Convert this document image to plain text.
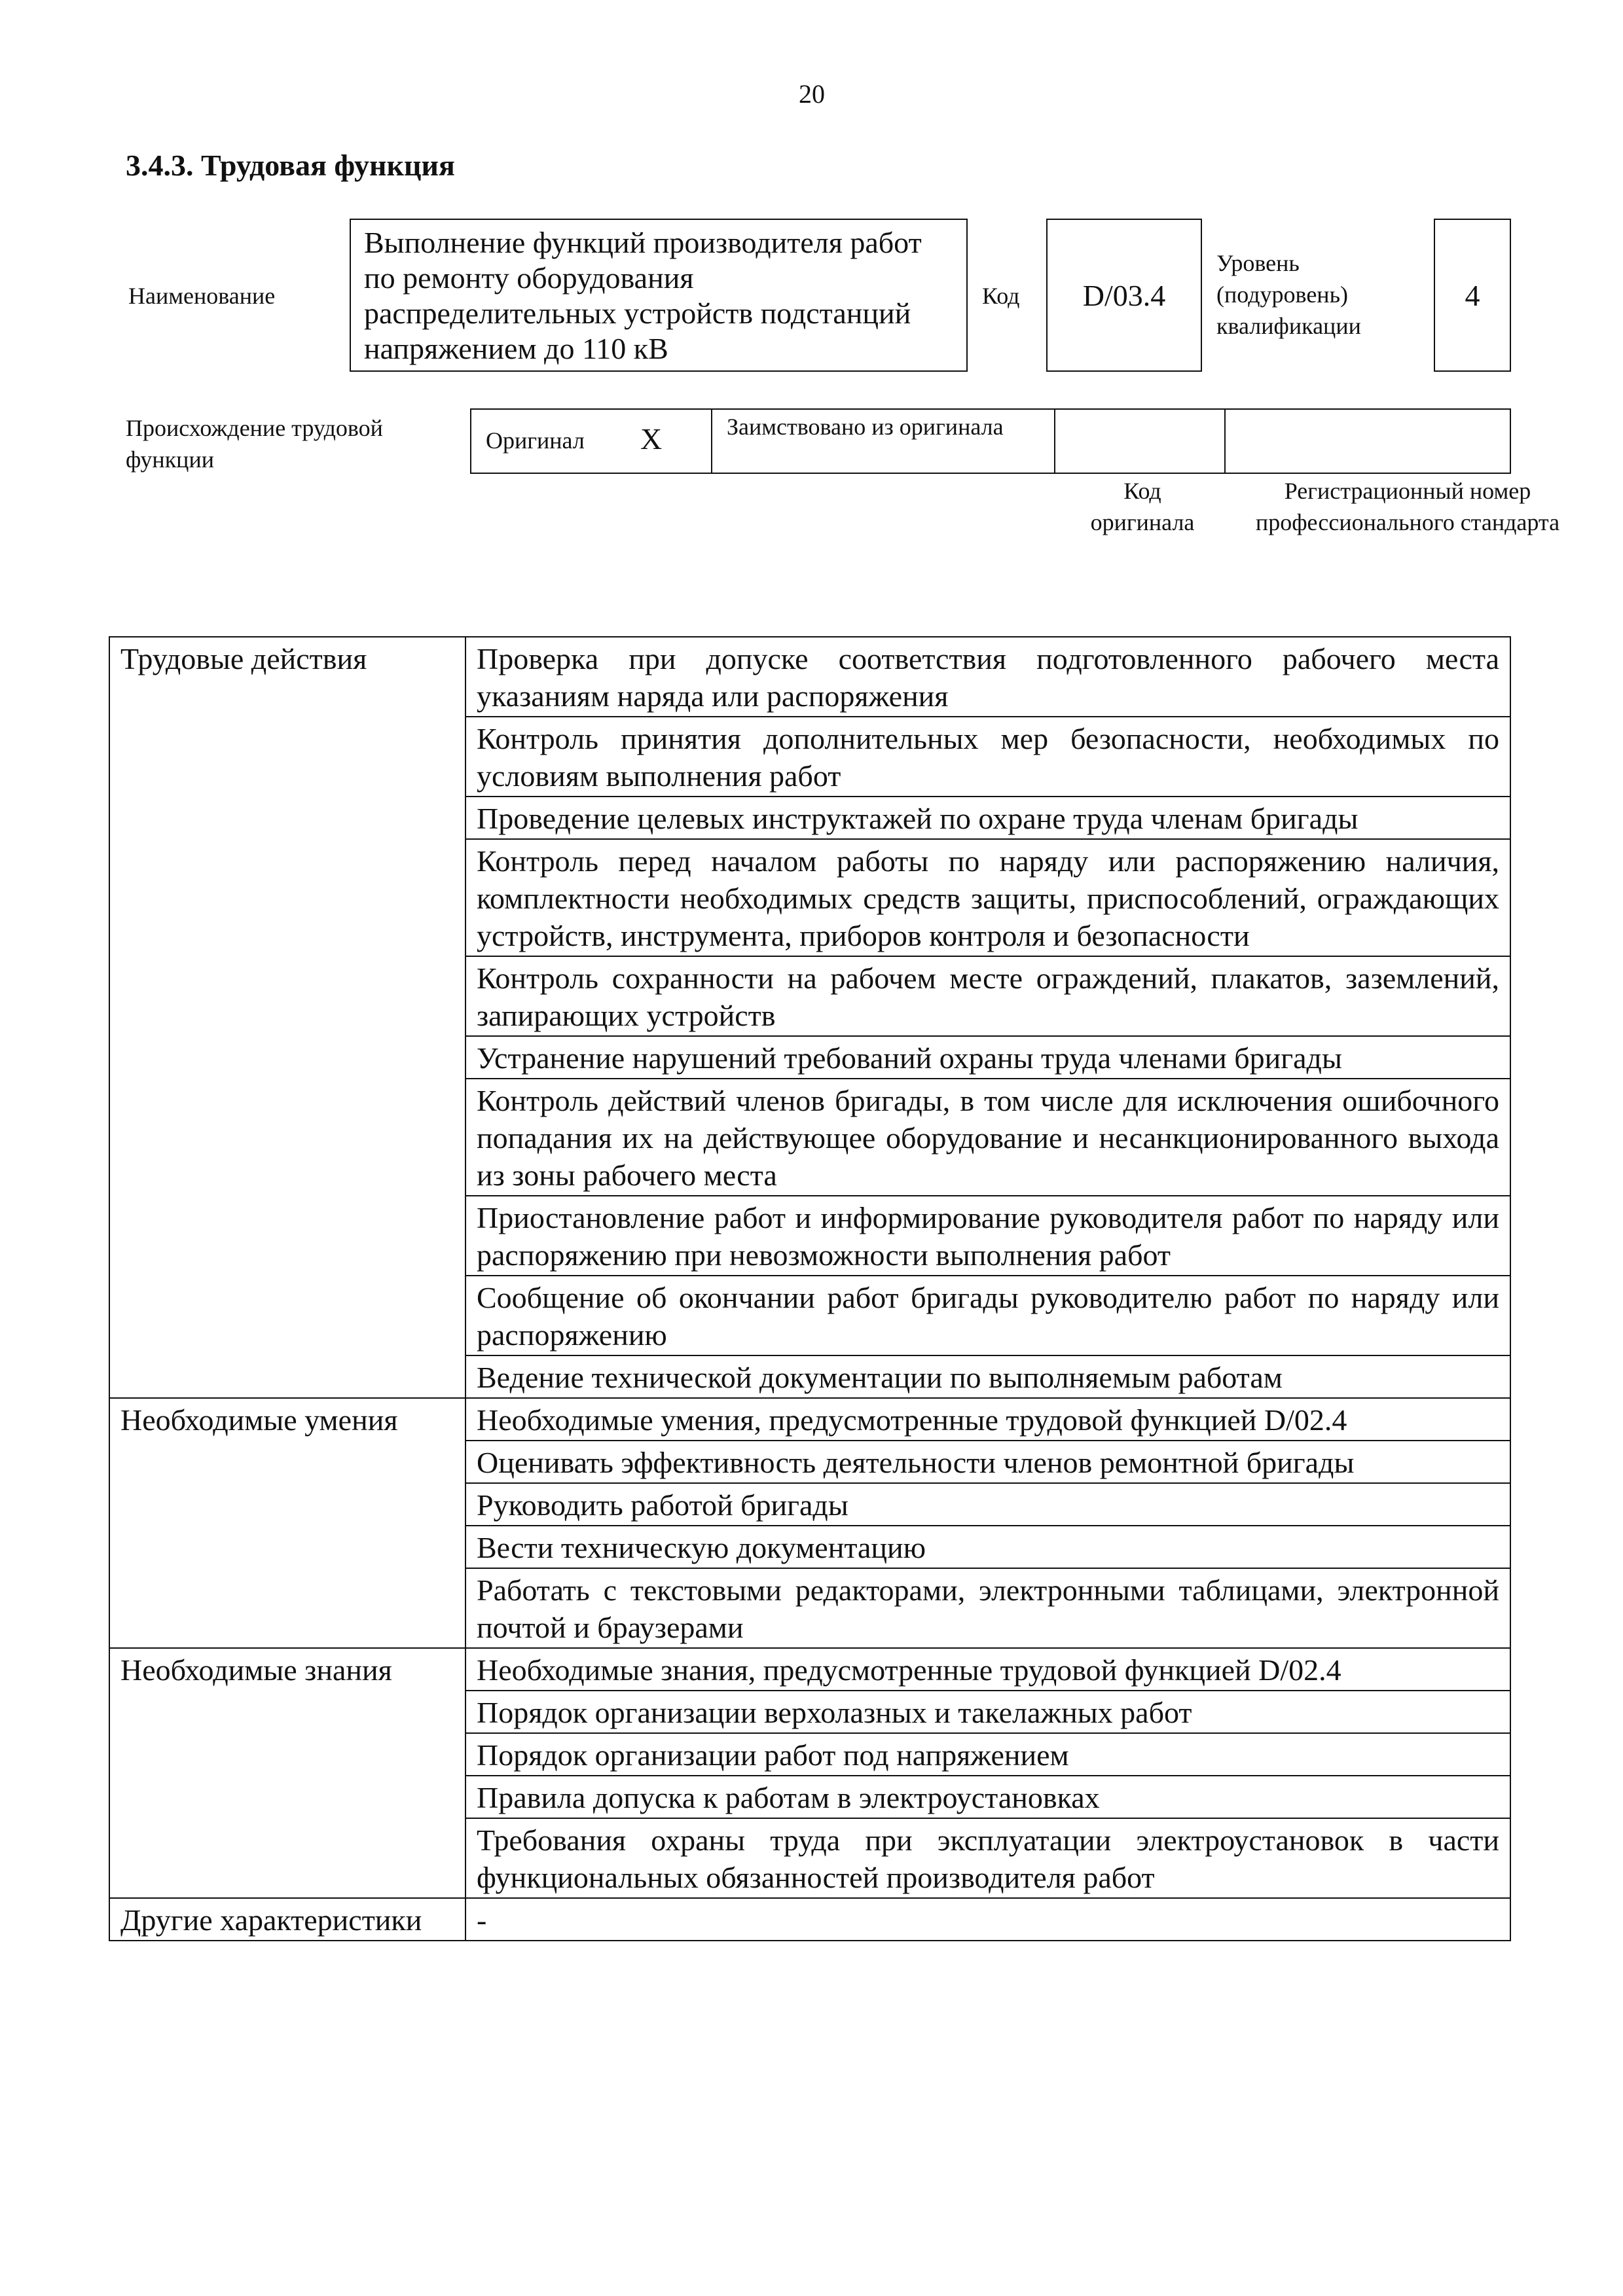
20
3.4.3. Трудовая функция
Наименование
Выполнение функций производителя работ по ремонту оборудования распределительных устройств подстанций напряжением до 110 кВ
Код	D/03.4
Уровень (подуровень) квалификации
4
Происхождение трудовой функции
Оригинал X	Заимствовано из оригинала
Код оригинала
Регистрационный номер профессионального стандарта
Трудовые действия	Проверка при допуске соответствия подготовленного рабочего места указаниям наряда или распоряжения
	Контроль принятия дополнительных мер безопасности, необходимых по условиям выполнения работ
	Проведение целевых инструктажей по охране труда членам бригады
	Контроль перед началом работы по наряду или распоряжению наличия, комплектности необходимых средств защиты, приспособлений, ограждающих устройств, инструмента, приборов контроля и безопасности
	Контроль сохранности на рабочем месте ограждений, плакатов, заземлений, запирающих устройств
	Устранение нарушений требований охраны труда членами бригады
	Контроль действий членов бригады, в том числе для исключения ошибочного попадания их на действующее оборудование и несанкционированного выхода из зоны рабочего места
	Приостановление работ и информирование руководителя работ по наряду или распоряжению при невозможности выполнения работ
	Сообщение об окончании работ бригады руководителю работ по наряду или распоряжению
	Ведение технической документации по выполняемым работам
Необходимые умения	Необходимые умения, предусмотренные трудовой функцией D/02.4
	Оценивать эффективность деятельности членов ремонтной бригады
	Руководить работой бригады
	Вести техническую документацию
	Работать с текстовыми редакторами, электронными таблицами, электронной почтой и браузерами
Необходимые знания	Необходимые знания, предусмотренные трудовой функцией D/02.4
	Порядок организации верхолазных и такелажных работ
	Порядок организации работ под напряжением
	Правила допуска к работам в электроустановках
	Требования охраны труда при эксплуатации электроустановок в части функциональных обязанностей производителя работ
Другие характеристики	-
